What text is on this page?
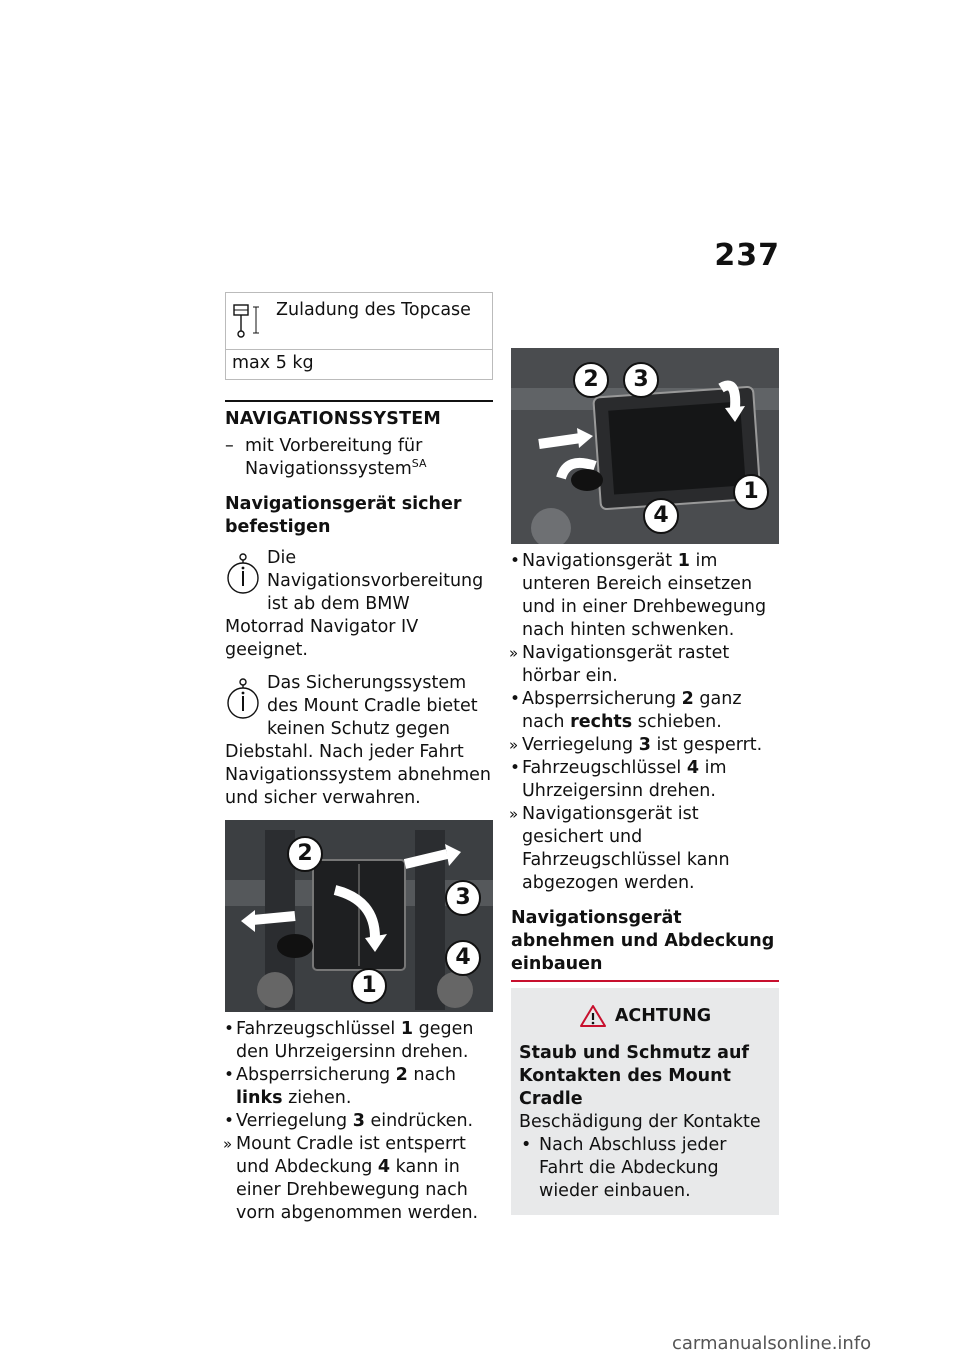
237
Zuladung des Topcase
max 5 kg
NAVIGATIONSSYSTEM
– mit Vorbereitung für Navigationssystem$^{SA}$
Navigationsgerät sicher befestigen
Die Navigationsvorbereitung ist ab dem BMW Motorrad Navigator IV geeignet.
Das Sicherungssystem des Mount Cradle bietet keinen Schutz gegen Diebstahl. Nach jeder Fahrt Navigationssystem abnehmen und sicher verwahren.
2
3
4
1
• Fahrzeugschlüssel 1 gegen den Uhrzeigersinn drehen.
• Absperrsicherung 2 nach links ziehen.
• Verriegelung 3 eindrücken.
» Mount Cradle ist entsperrt und Abdeckung 4 kann in einer Drehbewegung nach vorn abgenommen werden.
2	3
1
4
• Navigationsgerät 1 im unteren Bereich einsetzen und in einer Drehbewegung nach hinten schwenken.
» Navigationsgerät rastet hörbar ein.
• Absperrsicherung 2 ganz nach rechts schieben.
» Verriegelung 3 ist gesperrt.
• Fahrzeugschlüssel 4 im Uhrzeigersinn drehen.
» Navigationsgerät ist gesichert und Fahrzeugschlüssel kann abgezogen werden.
Navigationsgerät abnehmen und Abdeckung einbauen
ACHTUNG
Staub und Schmutz auf Kontakten des Mount Cradle
Beschädigung der Kontakte
• Nach Abschluss jeder Fahrt die Abdeckung wieder einbauen.
carmanualsonline.info
